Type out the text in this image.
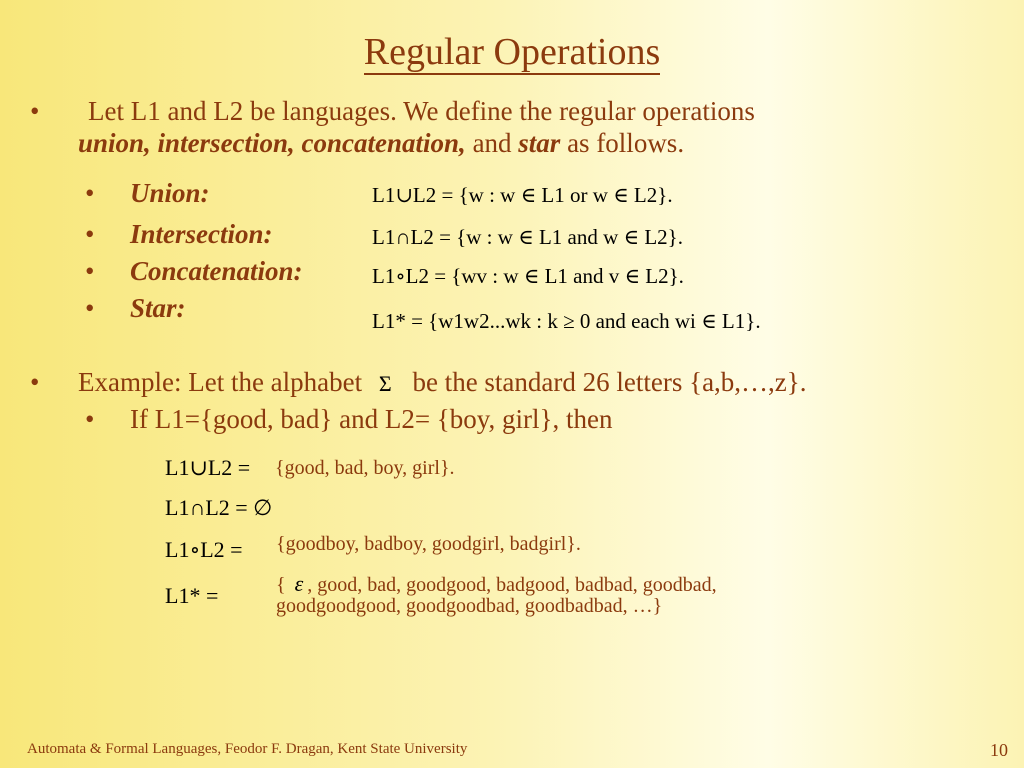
Regular Operations
• Let L1 and L2 be languages. We define the regular operations
union, intersection, concatenation, and star as follows.
• Union:	L1∪L2 = {w : w ∈ L1 or w ∈ L2}.
• Intersection:	L1∩L2 = {w : w ∈ L1 and w ∈ L2}.
• Concatenation:	L1∘L2 = {wv : w ∈ L1 and v ∈ L2}.
• Star:	L1* = {w1w2...wk : k ≥ 0 and each wi ∈ L1}.
• Example: Let the alphabet Σ be the standard 26 letters {a,b,…,z}.
• If L1={good, bad} and L2= {boy, girl}, then
L1∪L2 = {good, bad, boy, girl}.
L1∩L2 = ∅
L1∘L2 = {goodboy, badboy, goodgirl, badgirl}.
L1* =	{ ε , good, bad, goodgood, badgood, badbad, goodbad,
goodgoodgood, goodgoodbad, goodbadbad, …}
Automata & Formal Languages, Feodor F. Dragan, Kent State University	10
